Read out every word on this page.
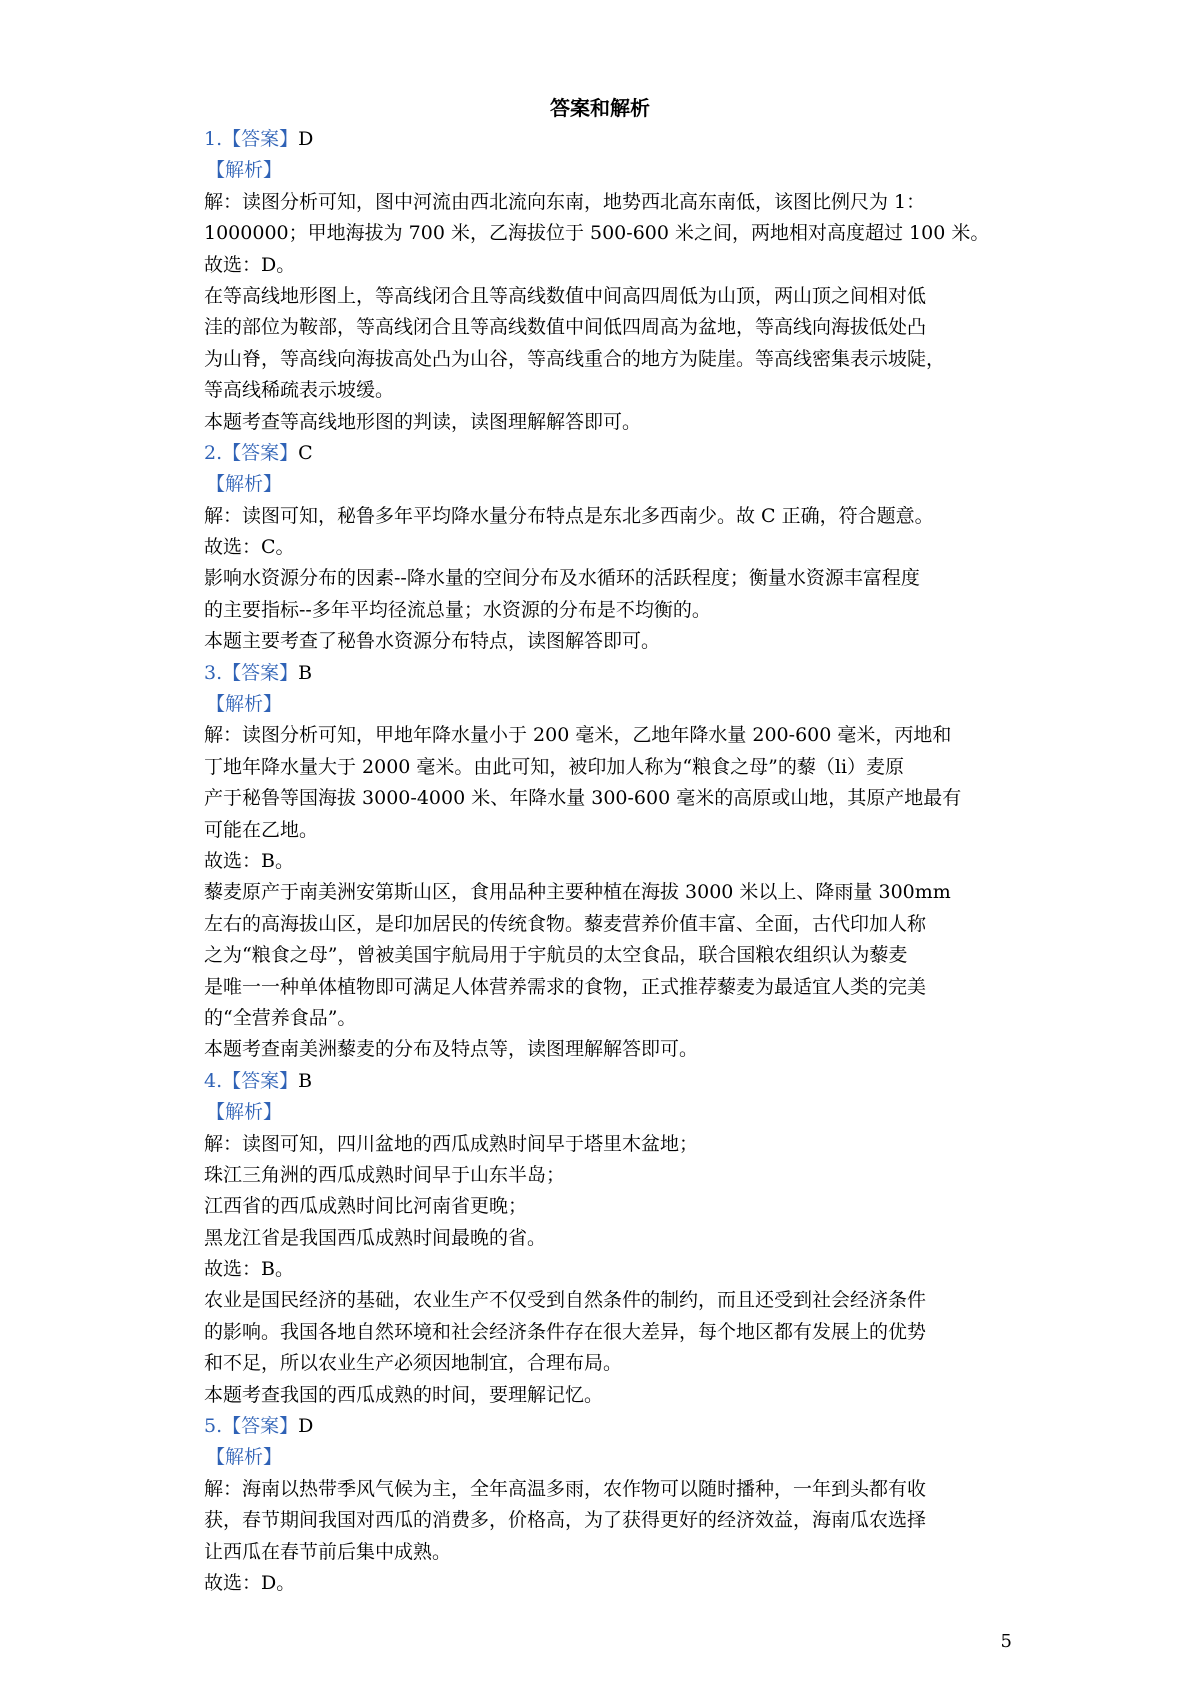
答案和解析
1.【答案】D
【解析】
解：读图分析可知，图中河流由西北流向东南，地势西北高东南低，该图比例尺为 1：
1000000；甲地海拔为 700 米，乙海拔位于 500-600 米之间，两地相对高度超过 100 米。
故选：D。
在等高线地形图上，等高线闭合且等高线数值中间高四周低为山顶，两山顶之间相对低
洼的部位为鞍部，等高线闭合且等高线数值中间低四周高为盆地，等高线向海拔低处凸
为山脊，等高线向海拔高处凸为山谷，等高线重合的地方为陡崖。等高线密集表示坡陡，
等高线稀疏表示坡缓。
本题考查等高线地形图的判读，读图理解解答即可。
2.【答案】C
【解析】
解：读图可知，秘鲁多年平均降水量分布特点是东北多西南少。故 C 正确，符合题意。
故选：C。
影响水资源分布的因素--降水量的空间分布及水循环的活跃程度；衡量水资源丰富程度
的主要指标--多年平均径流总量；水资源的分布是不均衡的。
本题主要考查了秘鲁水资源分布特点，读图解答即可。
3.【答案】B
【解析】
解：读图分析可知，甲地年降水量小于 200 毫米，乙地年降水量 200-600 毫米，丙地和
丁地年降水量大于 2000 毫米。由此可知，被印加人称为“粮食之母”的藜（li）麦原
产于秘鲁等国海拔 3000-4000 米、年降水量 300-600 毫米的高原或山地，其原产地最有
可能在乙地。
故选：B。
藜麦原产于南美洲安第斯山区，食用品种主要种植在海拔 3000 米以上、降雨量 300mm
左右的高海拔山区，是印加居民的传统食物。藜麦营养价值丰富、全面，古代印加人称
之为“粮食之母”，曾被美国宇航局用于宇航员的太空食品，联合国粮农组织认为藜麦
是唯一一种单体植物即可满足人体营养需求的食物，正式推荐藜麦为最适宜人类的完美
的“全营养食品”。
本题考查南美洲藜麦的分布及特点等，读图理解解答即可。
4.【答案】B
【解析】
解：读图可知，四川盆地的西瓜成熟时间早于塔里木盆地；
珠江三角洲的西瓜成熟时间早于山东半岛；
江西省的西瓜成熟时间比河南省更晚；
黑龙江省是我国西瓜成熟时间最晚的省。
故选：B。
农业是国民经济的基础，农业生产不仅受到自然条件的制约，而且还受到社会经济条件
的影响。我国各地自然环境和社会经济条件存在很大差异，每个地区都有发展上的优势
和不足，所以农业生产必须因地制宜，合理布局。
本题考查我国的西瓜成熟的时间，要理解记忆。
5.【答案】D
【解析】
解：海南以热带季风气候为主，全年高温多雨，农作物可以随时播种，一年到头都有收
获，春节期间我国对西瓜的消费多，价格高，为了获得更好的经济效益，海南瓜农选择
让西瓜在春节前后集中成熟。
故选：D。
5
